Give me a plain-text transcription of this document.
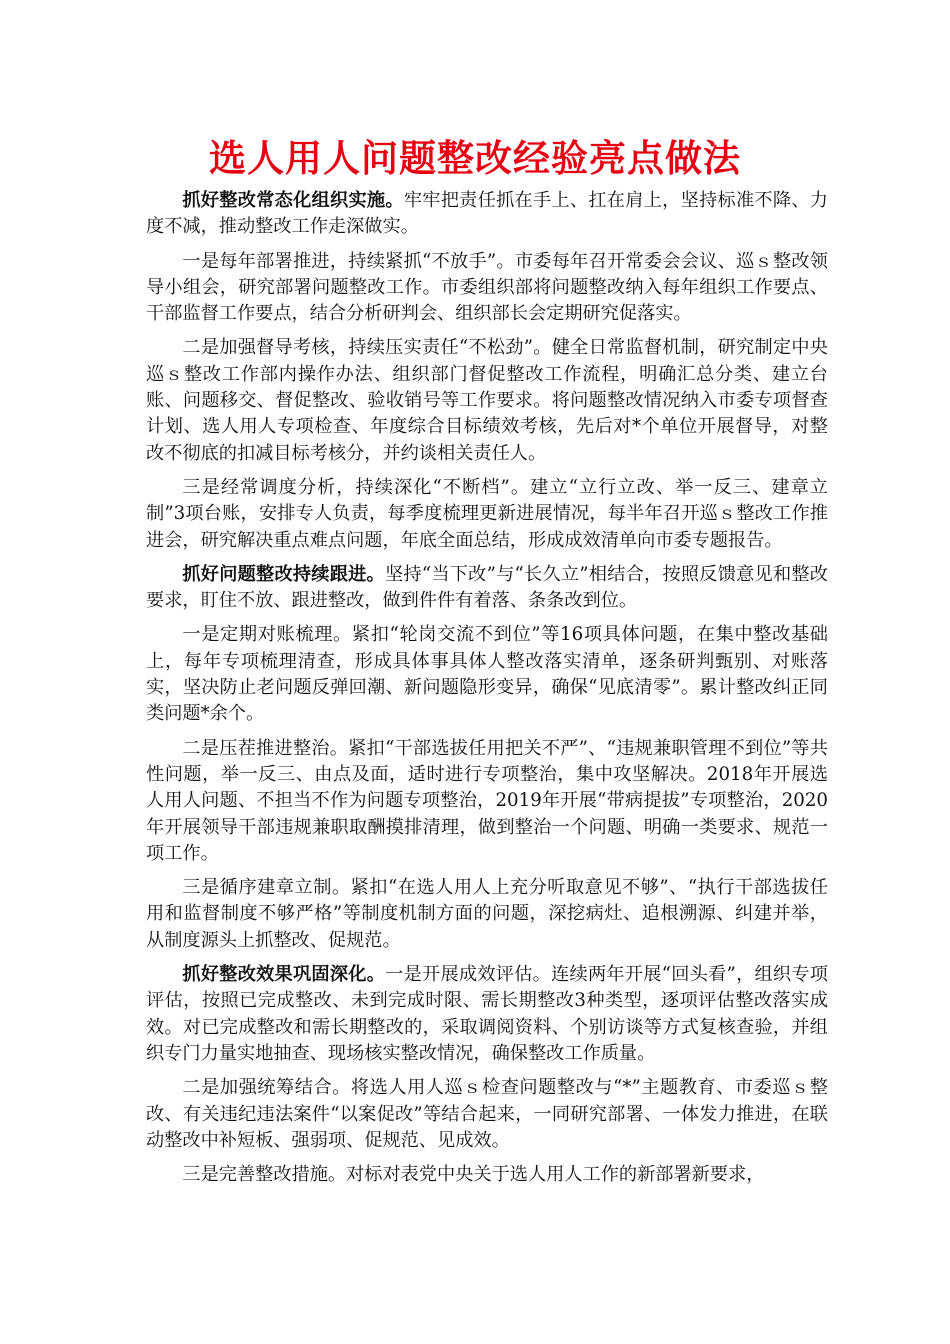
选人用人问题整改经验亮点做法

抓好整改常态化组织实施。牢牢把责任抓在手上、扛在肩上，坚持标准不降、力度不减，推动整改工作走深做实。

一是每年部署推进，持续紧抓“不放手”。市委每年召开常委会会议、巡ｓ整改领导小组会，研究部署问题整改工作。市委组织部将问题整改纳入每年组织工作要点、干部监督工作要点，结合分析研判会、组织部长会定期研究促落实。

二是加强督导考核，持续压实责任“不松劲”。健全日常监督机制，研究制定中央巡ｓ整改工作部内操作办法、组织部门督促整改工作流程，明确汇总分类、建立台账、问题移交、督促整改、验收销号等工作要求。将问题整改情况纳入市委专项督查计划、选人用人专项检查、年度综合目标绩效考核，先后对*个单位开展督导，对整改不彻底的扣减目标考核分，并约谈相关责任人。

三是经常调度分析，持续深化“不断档”。建立“立行立改、举一反三、建章立制”3项台账，安排专人负责，每季度梳理更新进展情况，每半年召开巡ｓ整改工作推进会，研究解决重点难点问题，年底全面总结，形成成效清单向市委专题报告。

抓好问题整改持续跟进。坚持“当下改”与“长久立”相结合，按照反馈意见和整改要求，盯住不放、跟进整改，做到件件有着落、条条改到位。

一是定期对账梳理。紧扣“轮岗交流不到位”等16项具体问题，在集中整改基础上，每年专项梳理清查，形成具体事具体人整改落实清单，逐条研判甄别、对账落实，坚决防止老问题反弹回潮、新问题隐形变异，确保“见底清零”。累计整改纠正同类问题*余个。

二是压茬推进整治。紧扣“干部选拔任用把关不严”、“违规兼职管理不到位”等共性问题，举一反三、由点及面，适时进行专项整治，集中攻坚解决。2018年开展选人用人问题、不担当不作为问题专项整治，2019年开展“带病提拔”专项整治，2020年开展领导干部违规兼职取酬摸排清理，做到整治一个问题、明确一类要求、规范一项工作。

三是循序建章立制。紧扣“在选人用人上充分听取意见不够”、“执行干部选拔任用和监督制度不够严格”等制度机制方面的问题，深挖病灶、追根溯源、纠建并举，从制度源头上抓整改、促规范。

抓好整改效果巩固深化。一是开展成效评估。连续两年开展“回头看”，组织专项评估，按照已完成整改、未到完成时限、需长期整改3种类型，逐项评估整改落实成效。对已完成整改和需长期整改的，采取调阅资料、个别访谈等方式复核查验，并组织专门力量实地抽查、现场核实整改情况，确保整改工作质量。

二是加强统筹结合。将选人用人巡ｓ检查问题整改与“*”主题教育、市委巡ｓ整改、有关违纪违法案件“以案促改”等结合起来，一同研究部署、一体发力推进，在联动整改中补短板、强弱项、促规范、见成效。

三是完善整改措施。对标对表党中央关于选人用人工作的新部署新要求，
